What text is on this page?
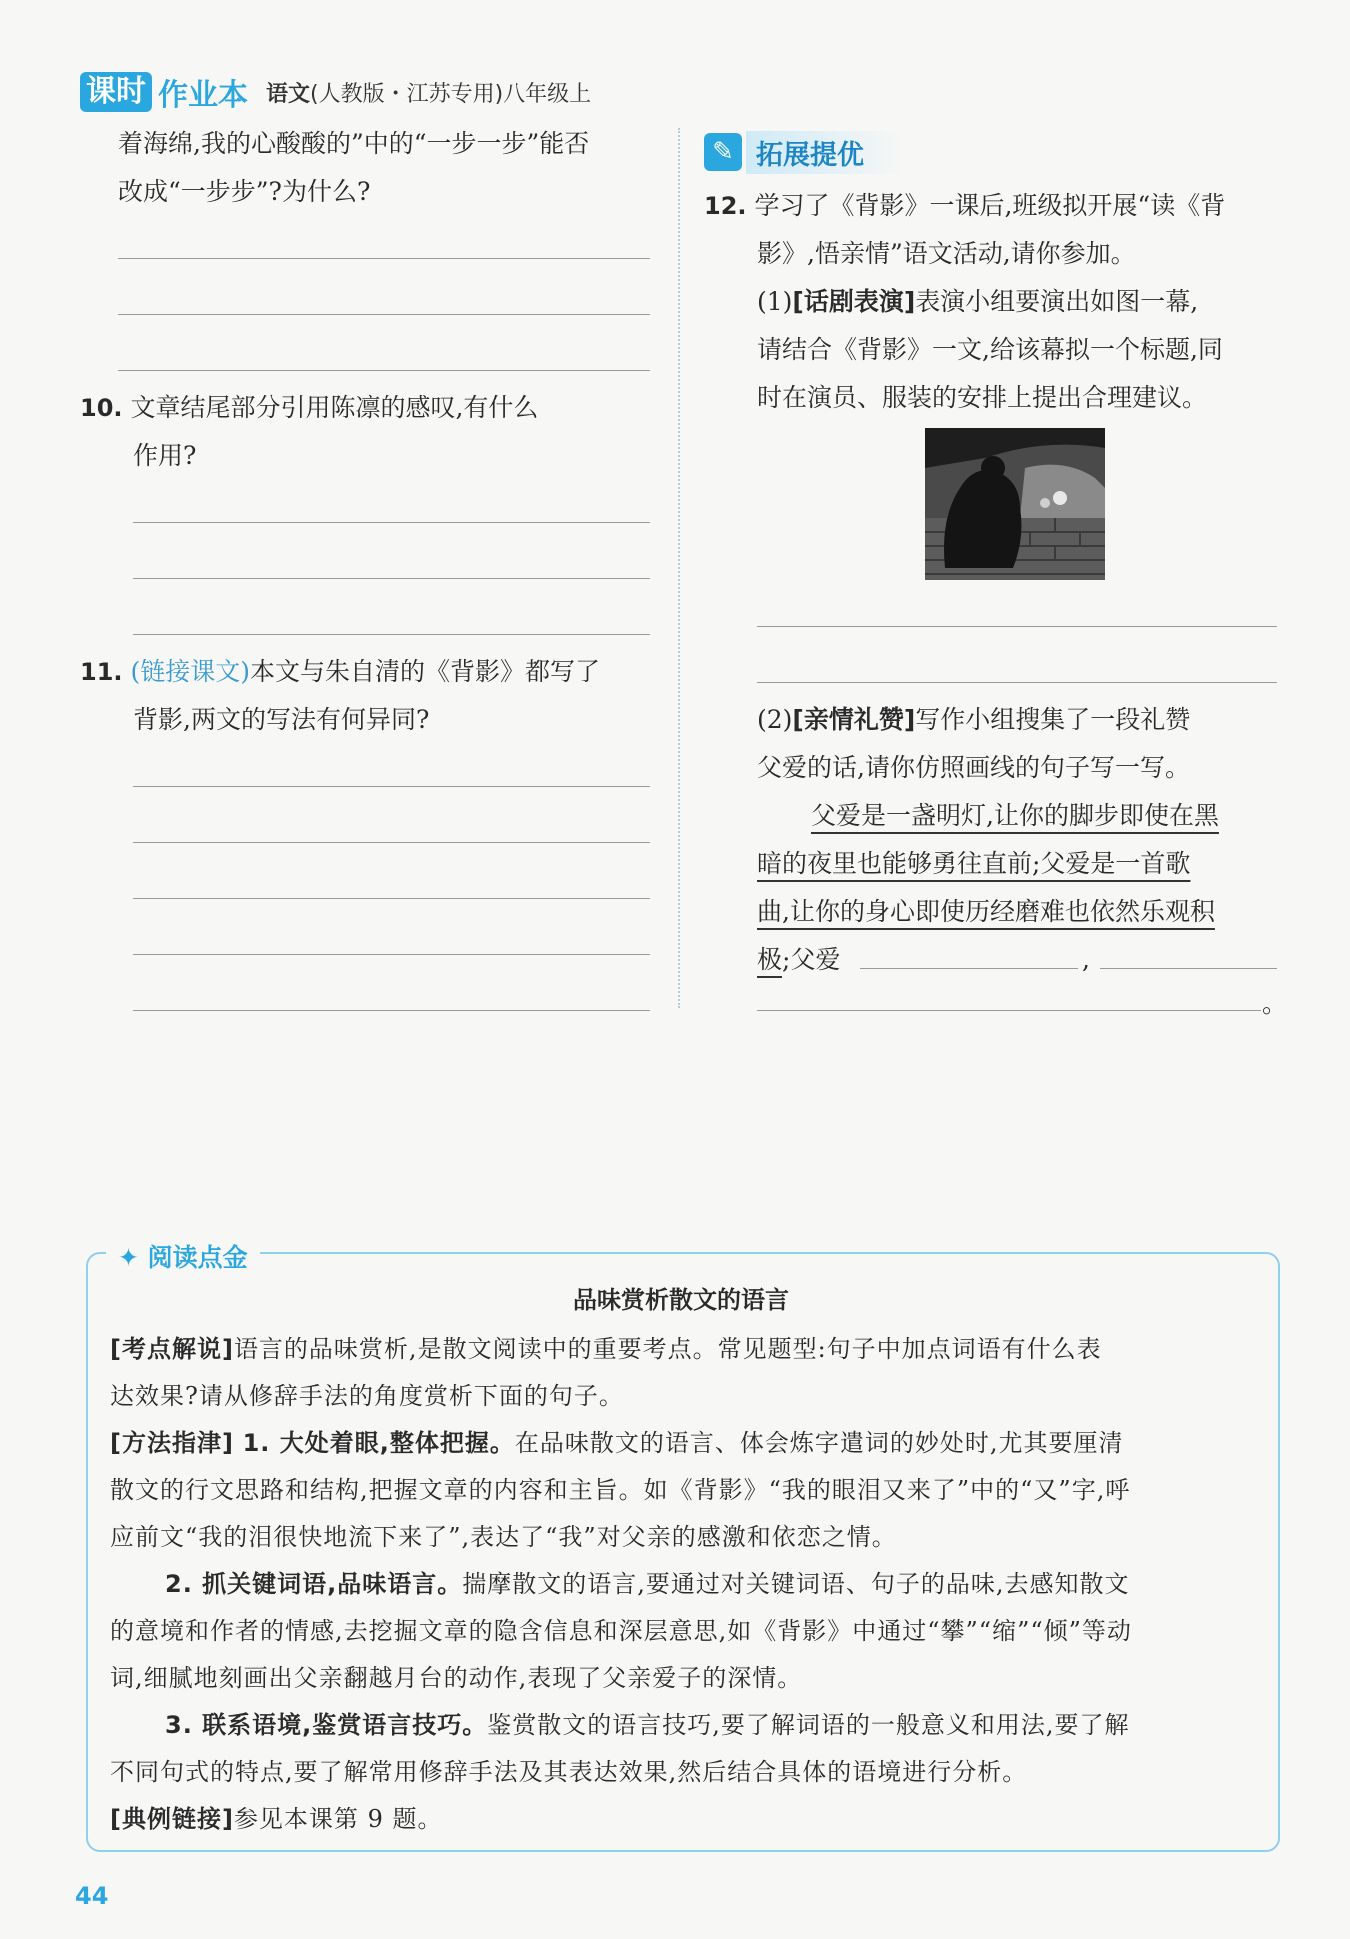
课时 作业本 语文(人教版・江苏专用)八年级上
着海绵,我的心酸酸的”中的“一步一步”能否
改成“一步步”?为什么?
10. 文章结尾部分引用陈凛的感叹,有什么
作用?
11. (链接课文)本文与朱自清的《背影》都写了
背影,两文的写法有何异同?
✎ 拓展提优
12. 学习了《背影》一课后,班级拟开展“读《背
影》,悟亲情”语文活动,请你参加。
(1)[话剧表演]表演小组要演出如图一幕,
请结合《背影》一文,给该幕拟一个标题,同
时在演员、服装的安排上提出合理建议。
(2)[亲情礼赞]写作小组搜集了一段礼赞
父爱的话,请你仿照画线的句子写一写。
父爱是一盏明灯,让你的脚步即使在黑
暗的夜里也能够勇往直前;父爱是一首歌
曲,让你的身心即使历经磨难也依然乐观积
极;父爱	,
。
✦ 阅读点金
品味赏析散文的语言
[考点解说]语言的品味赏析,是散文阅读中的重要考点。常见题型:句子中加点词语有什么表
达效果?请从修辞手法的角度赏析下面的句子。
[方法指津] 1. 大处着眼,整体把握。在品味散文的语言、体会炼字遣词的妙处时,尤其要厘清
散文的行文思路和结构,把握文章的内容和主旨。如《背影》“我的眼泪又来了”中的“又”字,呼
应前文“我的泪很快地流下来了”,表达了“我”对父亲的感激和依恋之情。
2. 抓关键词语,品味语言。揣摩散文的语言,要通过对关键词语、句子的品味,去感知散文
的意境和作者的情感,去挖掘文章的隐含信息和深层意思,如《背影》中通过“攀”“缩”“倾”等动
词,细腻地刻画出父亲翻越月台的动作,表现了父亲爱子的深情。
3. 联系语境,鉴赏语言技巧。鉴赏散文的语言技巧,要了解词语的一般意义和用法,要了解
不同句式的特点,要了解常用修辞手法及其表达效果,然后结合具体的语境进行分析。
[典例链接]参见本课第 9 题。
44
